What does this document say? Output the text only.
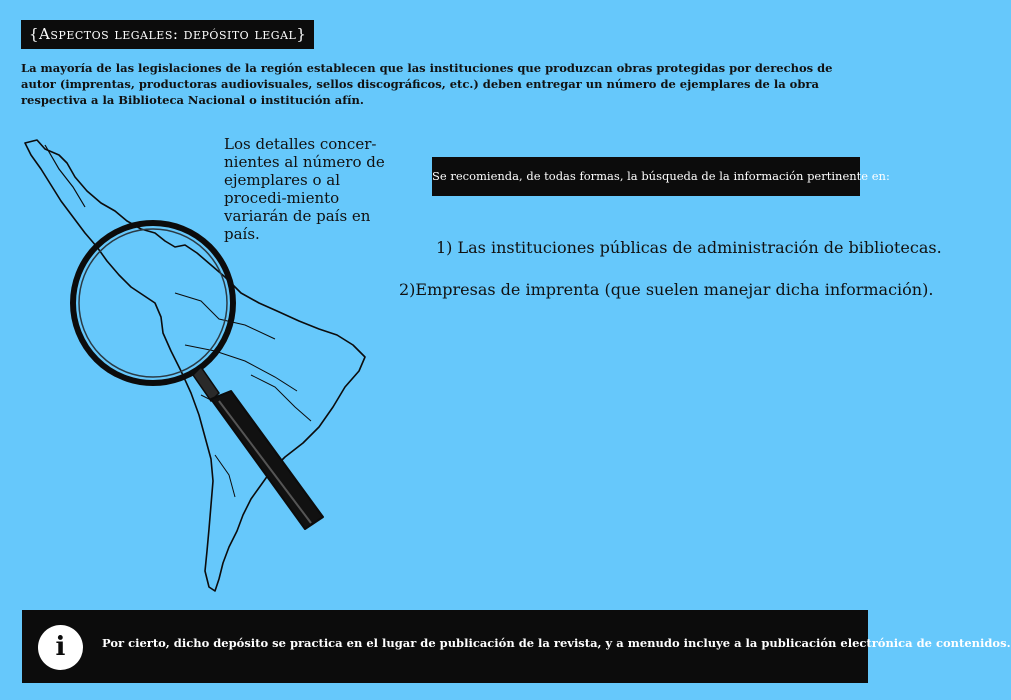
{Aspectos legales: depósito legal}
La mayoría de las legislaciones de la región establecen que las instituciones que produzcan obras protegidas por derechos de autor (imprentas, productoras audiovisuales, sellos discográficos, etc.) deben entregar un número de ejemplares de la obra respectiva a la Biblioteca Nacional o institución afín.
Los detalles concer-nientes al número de ejemplares o al procedi-miento variarán de país en país.
Se recomienda, de todas formas, la búsqueda de la información pertinente en:
1) Las instituciones públicas de administración de bibliotecas.
2)Empresas de imprenta (que suelen manejar dicha información).
i	Por cierto, dicho depósito se practica en el lugar de publicación de la revista, y a menudo incluye a la publicación electrónica de contenidos.
